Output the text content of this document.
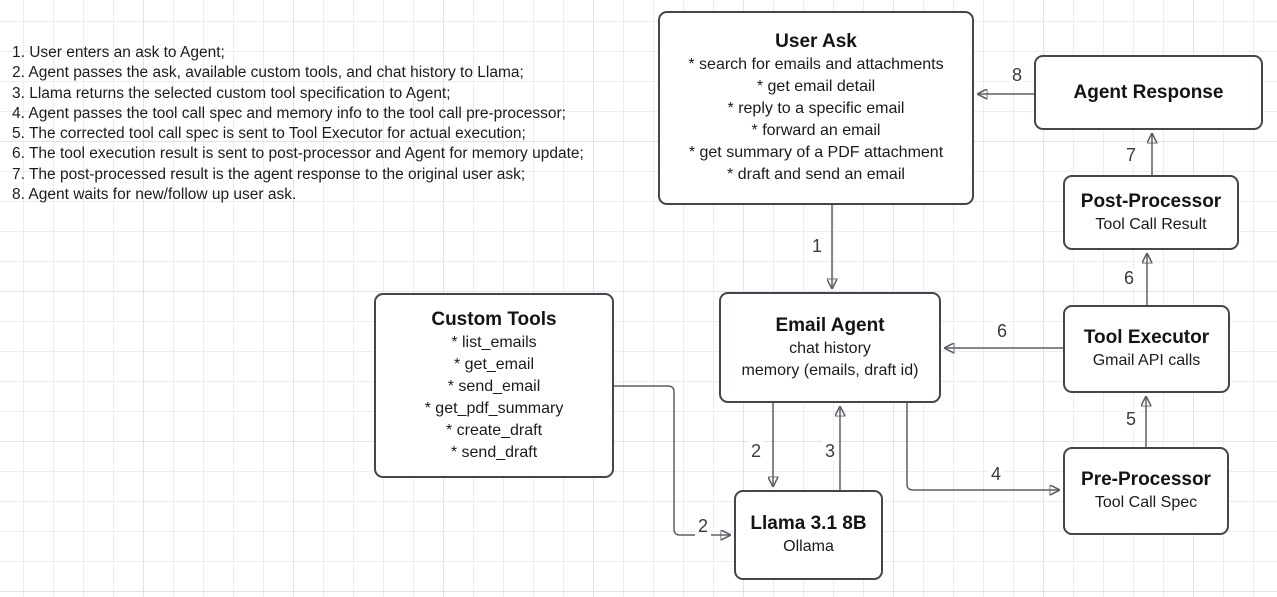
1. User enters an ask to Agent;
2. Agent passes the ask, available custom tools, and chat history to Llama;
3. Llama returns the selected custom tool specification to Agent;
4. Agent passes the tool call spec and memory info to the tool call pre-processor;
5. The corrected tool call spec is sent to Tool Executor for actual execution;
6. The tool execution result is sent to post-processor and Agent for memory update;
7. The post-processed result is the agent response to the original user ask;
8. Agent waits for new/follow up user ask.
User Ask
* search for emails and attachments
* get email detail
* reply to a specific email
* forward an email
* get summary of a PDF attachment
* draft and send an email
Agent Response
Post-Processor
Tool Call Result
Tool Executor
Gmail API calls
Pre-Processor
Tool Call Spec
Email Agent
chat history
memory (emails, draft id)
Custom Tools
* list_emails
* get_email
* send_email
* get_pdf_summary
* create_draft
* send_draft
Llama 3.1 8B
Ollama
1
2	3
2
4
5
6
6
7
8
